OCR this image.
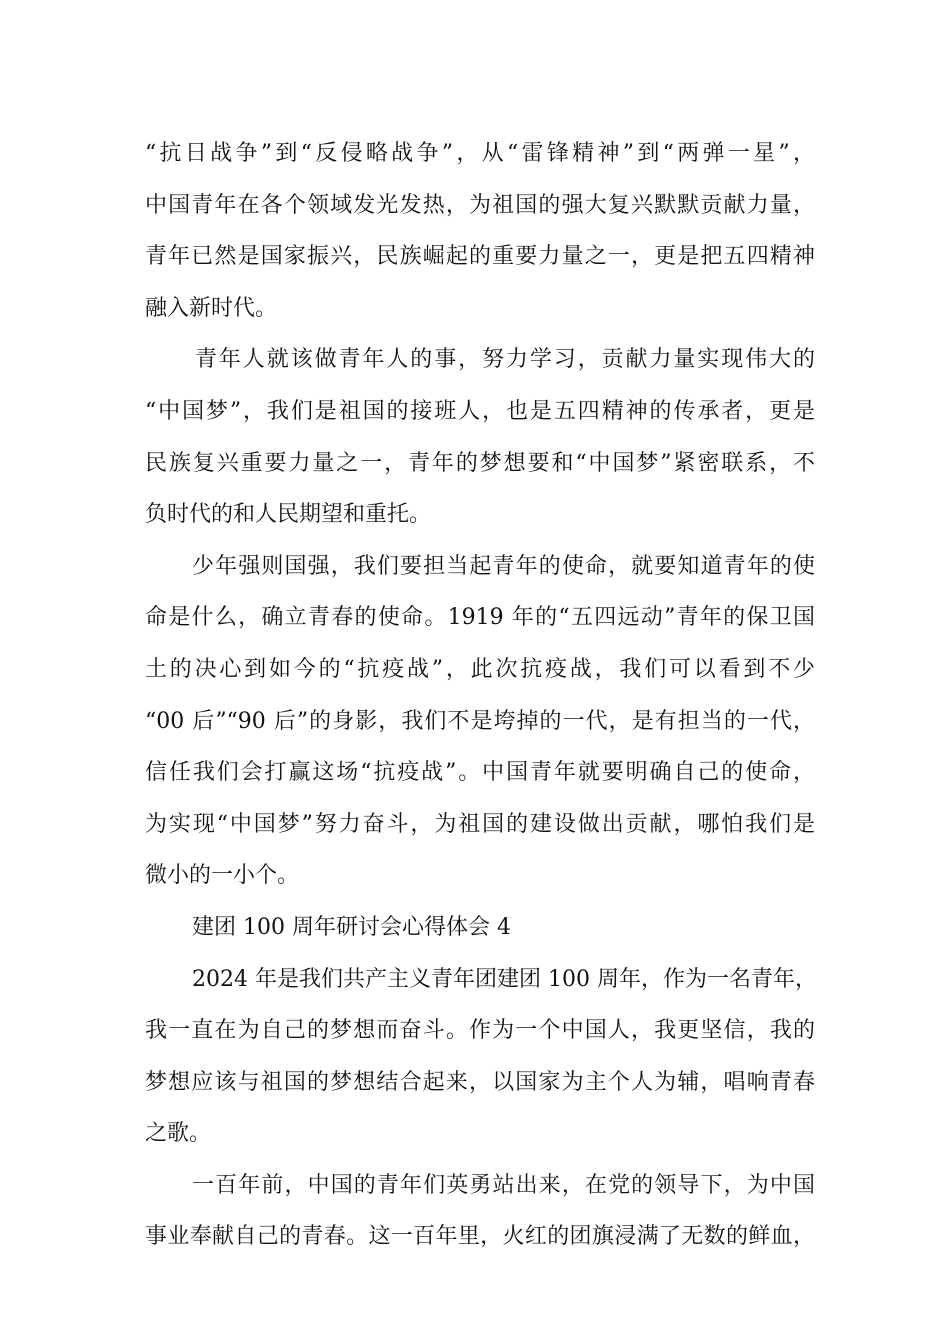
“抗日战争”到“反侵略战争”，从“雷锋精神”到“两弹一星”，
中国青年在各个领域发光发热，为祖国的强大复兴默默贡献力量，
青年已然是国家振兴，民族崛起的重要力量之一，更是把五四精神
融入新时代。
青年人就该做青年人的事，努力学习，贡献力量实现伟大的
“中国梦”，我们是祖国的接班人，也是五四精神的传承者，更是
民族复兴重要力量之一，青年的梦想要和“中国梦”紧密联系，不
负时代的和人民期望和重托。
少年强则国强，我们要担当起青年的使命，就要知道青年的使
命是什么，确立青春的使命。1919 年的“五四远动”青年的保卫国
土的决心到如今的“抗疫战”，此次抗疫战，我们可以看到不少
“00 后”“90 后”的身影，我们不是垮掉的一代，是有担当的一代，
信任我们会打赢这场“抗疫战”。中国青年就要明确自己的使命，
为实现“中国梦”努力奋斗，为祖国的建设做出贡献，哪怕我们是
微小的一小个。
建团 100 周年研讨会心得体会 4
2024 年是我们共产主义青年团建团 100 周年，作为一名青年，
我一直在为自己的梦想而奋斗。作为一个中国人，我更坚信，我的
梦想应该与祖国的梦想结合起来，以国家为主个人为辅，唱响青春
之歌。
一百年前，中国的青年们英勇站出来，在党的领导下，为中国
事业奉献自己的青春。这一百年里，火红的团旗浸满了无数的鲜血，
